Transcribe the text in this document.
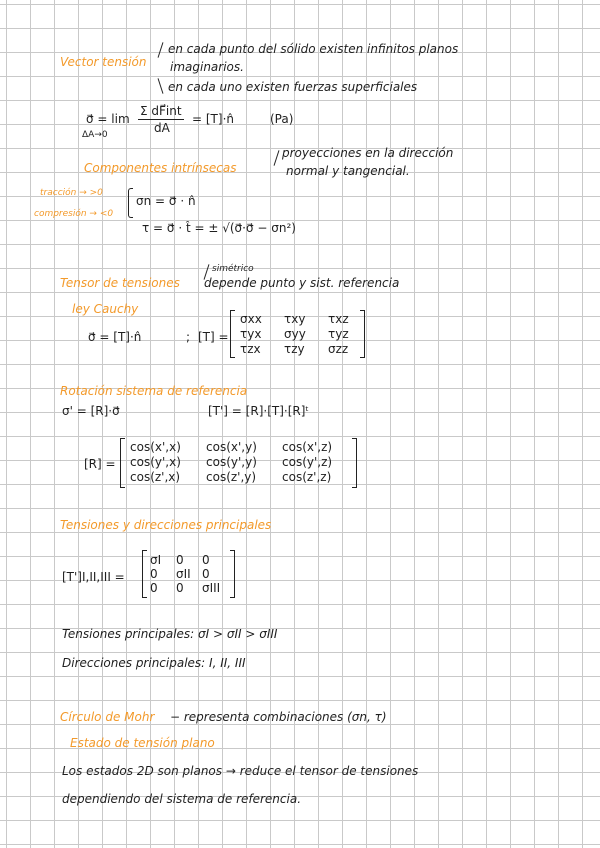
Vector tensión
en cada punto del sólido existen infinitos planos
imaginarios.
en cada uno existen fuerzas superficiales
σ⃗ = lim
ΔA→0
Σ dF⃗int
dA
= [T]·n̂	(Pa)
Componentes intrínsecas
proyecciones en la dirección
normal y tangencial.
tracción → >0
compresión → <0
σn = σ⃗ · n̂
τ = σ⃗ · t̂ = ± √(σ⃗·σ⃗ − σn²)
simétrico
Tensor de tensiones depende punto y sist. referencia
ley Cauchy
σ⃗ = [T]·n̂	; [T] =
σxx τxy τxz
τyx σyy τyz
τzx τzy σzz
Rotación sistema de referencia
σ' = [R]·σ⃗	[T'] = [R]·[T]·[R]ᵗ
[R] =
cos(x',x) cos(x',y) cos(x',z)
cos(y',x) cos(y',y) cos(y',z)
cos(z',x) cos(z',y) cos(z',z)
Tensiones y direcciones principales
[T']I,II,III =
σI 0 0
0 σII 0
0 0 σIII
Tensiones principales: σI > σII > σIII
Direcciones principales: I, II, III
Círculo de Mohr − representa combinaciones (σn, τ)
Estado de tensión plano
Los estados 2D son planos → reduce el tensor de tensiones
dependiendo del sistema de referencia.
